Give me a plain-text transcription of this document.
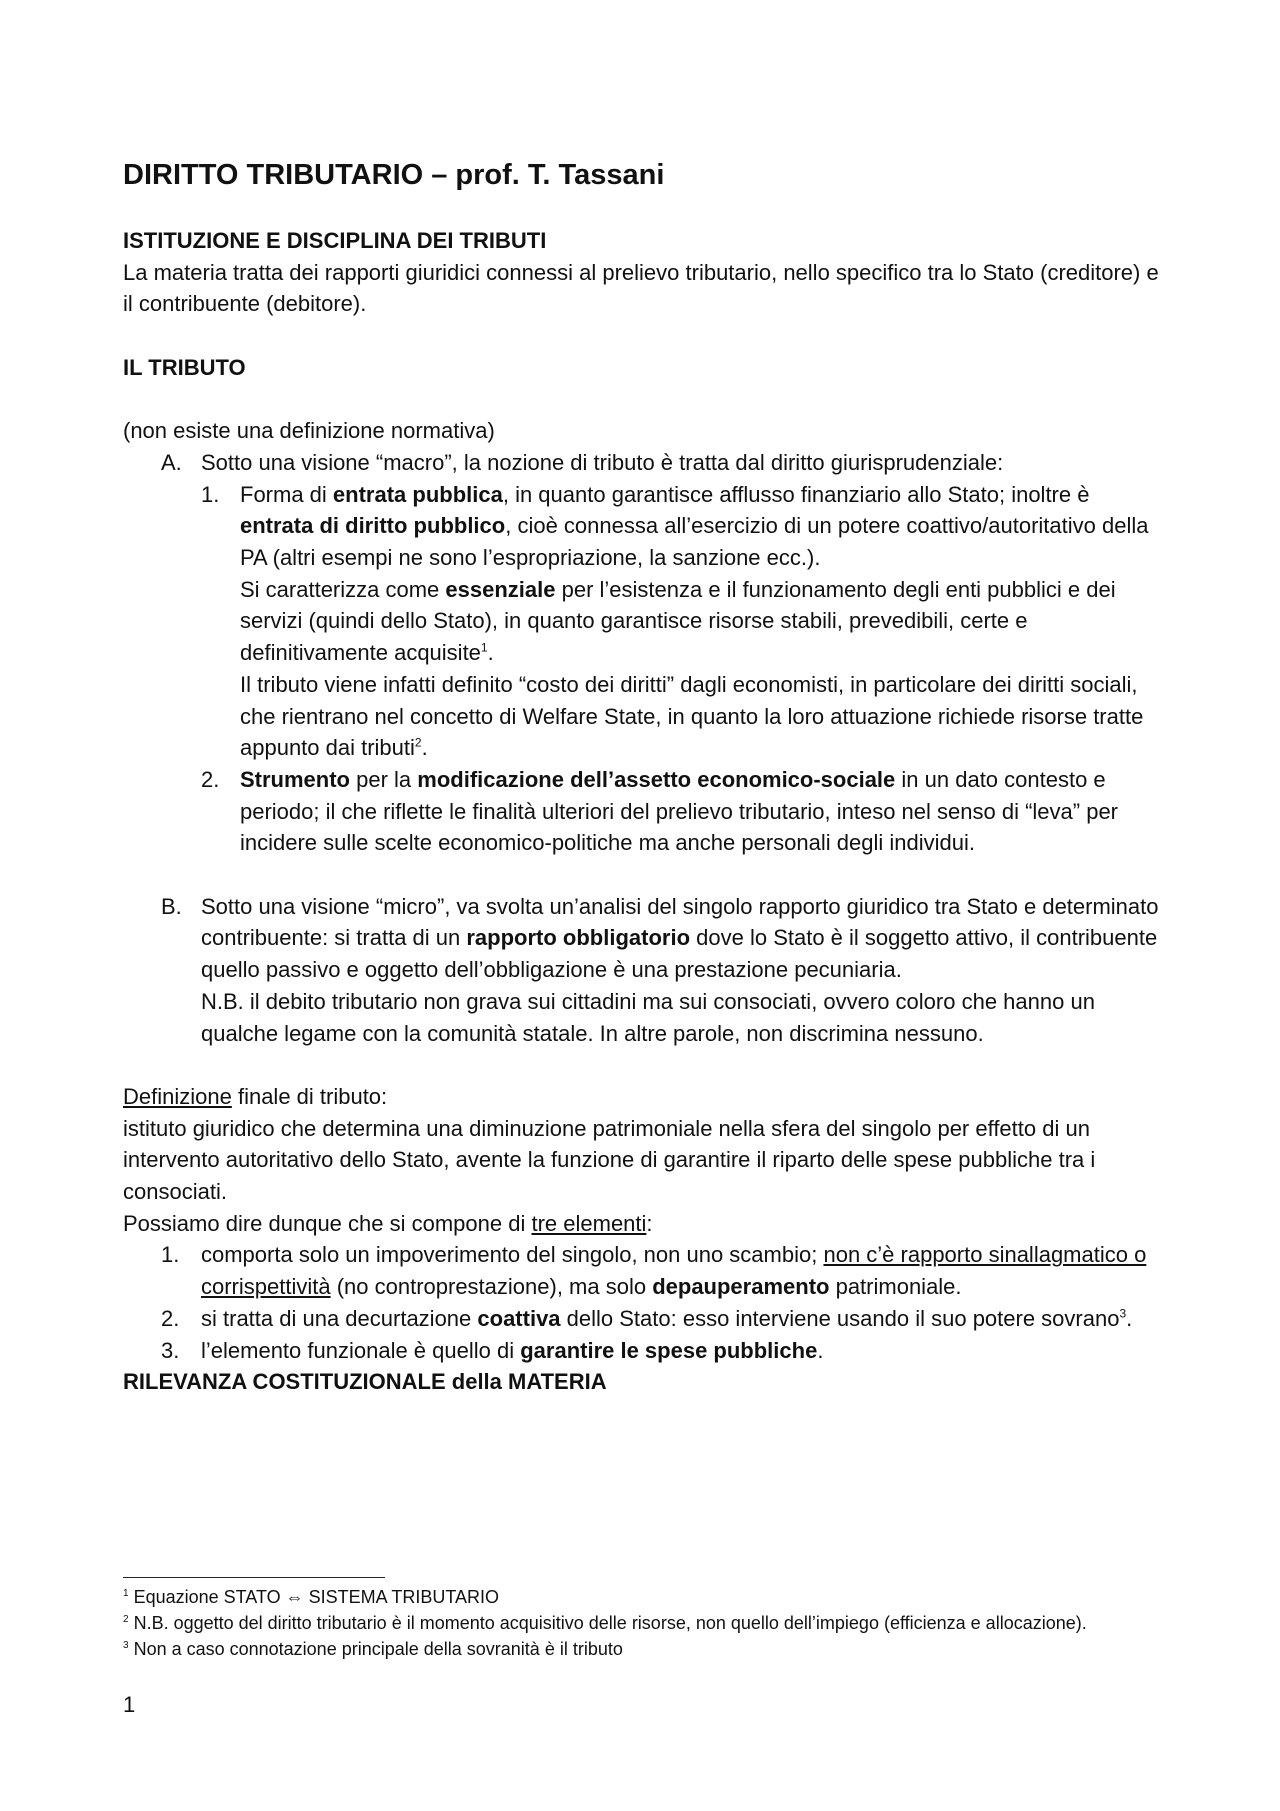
DIRITTO TRIBUTARIO – prof. T. Tassani

ISTITUZIONE E DISCIPLINA DEI TRIBUTI

La materia tratta dei rapporti giuridici connessi al prelievo tributario, nello specifico tra lo Stato (creditore) e il contribuente (debitore).

IL TRIBUTO

(non esiste una definizione normativa)

A. Sotto una visione “macro”, la nozione di tributo è tratta dal diritto giurisprudenziale:
1. Forma di entrata pubblica, in quanto garantisce afflusso finanziario allo Stato; inoltre è entrata di diritto pubblico, cioè connessa all’esercizio di un potere coattivo/autoritativo della PA (altri esempi ne sono l’espropriazione, la sanzione ecc.).

Si caratterizza come essenziale per l’esistenza e il funzionamento degli enti pubblici e dei servizi (quindi dello Stato), in quanto garantisce risorse stabili, prevedibili, certe e definitivamente acquisite$^1$.

Il tributo viene infatti definito “costo dei diritti” dagli economisti, in particolare dei diritti sociali, che rientrano nel concetto di Welfare State, in quanto la loro attuazione richiede risorse tratte appunto dai tributi$^2$.

2. Strumento per la modificazione dell’assetto economico-sociale in un dato contesto e periodo; il che riflette le finalità ulteriori del prelievo tributario, inteso nel senso di “leva” per incidere sulle scelte economico-politiche ma anche personali degli individui.

B. Sotto una visione “micro”, va svolta un’analisi del singolo rapporto giuridico tra Stato e determinato contribuente: si tratta di un rapporto obbligatorio dove lo Stato è il soggetto attivo, il contribuente quello passivo e oggetto dell’obbligazione è una prestazione pecuniaria.

N.B. il debito tributario non grava sui cittadini ma sui consociati, ovvero coloro che hanno un qualche legame con la comunità statale. In altre parole, non discrimina nessuno.

Definizione finale di tributo:

istituto giuridico che determina una diminuzione patrimoniale nella sfera del singolo per effetto di un intervento autoritativo dello Stato, avente la funzione di garantire il riparto delle spese pubbliche tra i consociati.

Possiamo dire dunque che si compone di tre elementi:

1. comporta solo un impoverimento del singolo, non uno scambio; non c’è rapporto sinallagmatico o corrispettività (no controprestazione), ma solo depauperamento patrimoniale.
2. si tratta di una decurtazione coattiva dello Stato: esso interviene usando il suo potere sovrano$^3$.
3. l’elemento funzionale è quello di garantire le spese pubbliche.

RILEVANZA COSTITUZIONALE della MATERIA

$^1$ Equazione STATO ⇔ SISTEMA TRIBUTARIO

$^2$ N.B. oggetto del diritto tributario è il momento acquisitivo delle risorse, non quello dell’impiego (efficienza e allocazione).

$^3$ Non a caso connotazione principale della sovranità è il tributo

1
